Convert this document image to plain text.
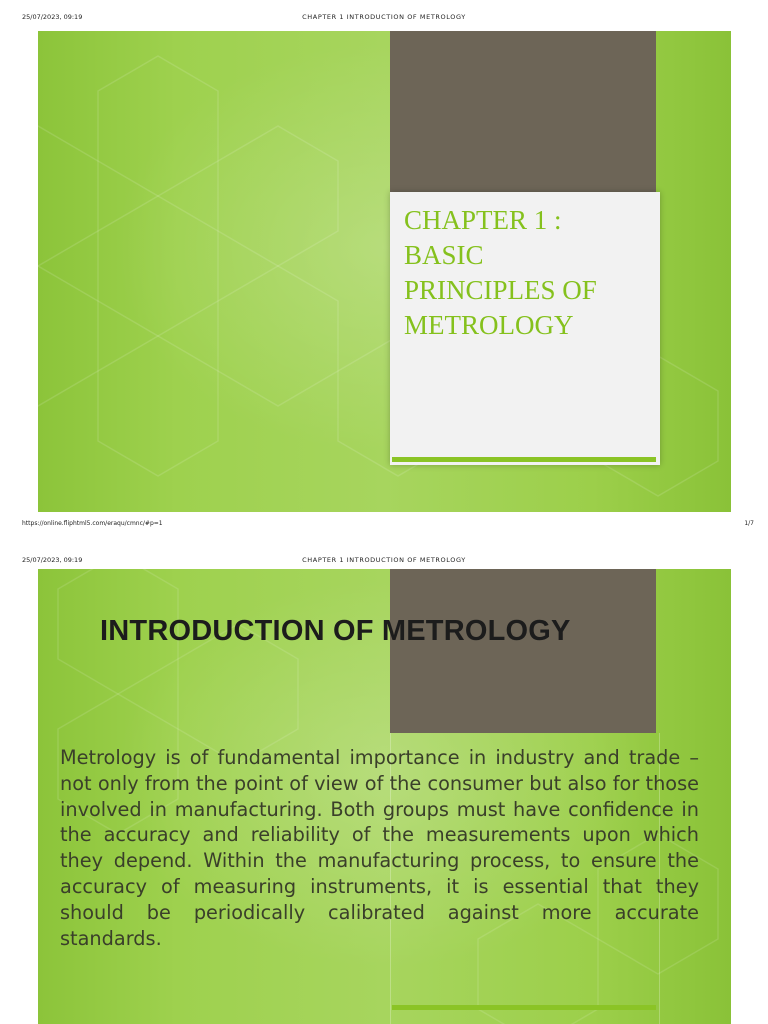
25/07/2023, 09:19	CHAPTER 1 INTRODUCTION OF METROLOGY
CHAPTER 1 :
BASIC
PRINCIPLES OF
METROLOGY
https://online.fliphtml5.com/eraqu/cmnc/#p=1	1/7
25/07/2023, 09:19	CHAPTER 1 INTRODUCTION OF METROLOGY
INTRODUCTION OF METROLOGY
Metrology is of fundamental importance in industry and trade – not only from the point of view of the consumer but also for those involved in manufacturing. Both groups must have confidence in the accuracy and reliability of the measurements upon which they depend. Within the manufacturing process, to ensure the accuracy of measuring instruments, it is essential that they should be periodically calibrated against more accurate standards.
